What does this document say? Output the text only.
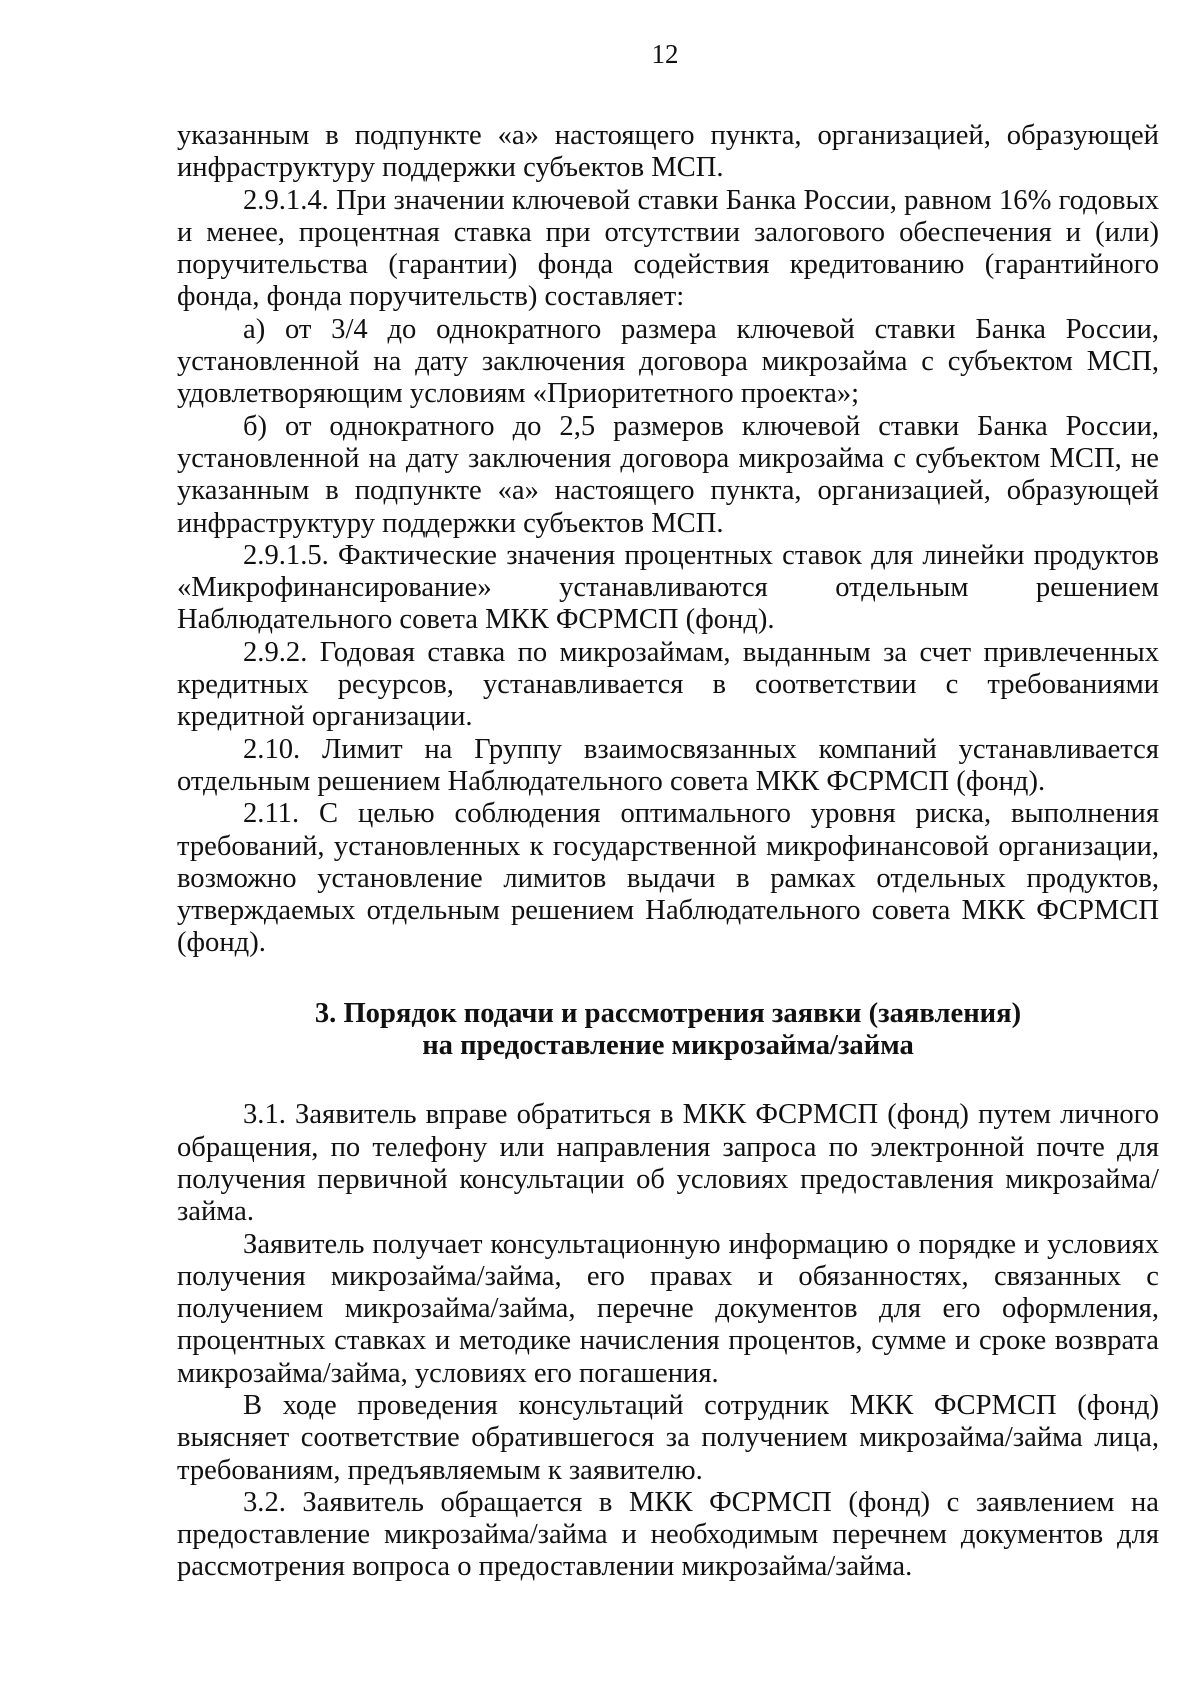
12

указанным в подпункте «а» настоящего пункта, организацией, образующей инфраструктуру поддержки субъектов МСП.

2.9.1.4. При значении ключевой ставки Банка России, равном 16% годовых и менее, процентная ставка при отсутствии залогового обеспечения и (или) поручительства (гарантии) фонда содействия кредитованию (гарантийного фонда, фонда поручительств) составляет:

а) от 3/4 до однократного размера ключевой ставки Банка России, установленной на дату заключения договора микрозайма с субъектом МСП, удовлетворяющим условиям «Приоритетного проекта»;

б) от однократного до 2,5 размеров ключевой ставки Банка России, установленной на дату заключения договора микрозайма с субъектом МСП, не указанным в подпункте «а» настоящего пункта, организацией, образующей инфраструктуру поддержки субъектов МСП.

2.9.1.5. Фактические значения процентных ставок для линейки продуктов «Микрофинансирование» устанавливаются отдельным решением Наблюдательного совета МКК ФСРМСП (фонд).

2.9.2. Годовая ставка по микрозаймам, выданным за счет привлеченных кредитных ресурсов, устанавливается в соответствии с требованиями кредитной организации.

2.10. Лимит на Группу взаимосвязанных компаний устанавливается отдельным решением Наблюдательного совета МКК ФСРМСП (фонд).

2.11. С целью соблюдения оптимального уровня риска, выполнения требований, установленных к государственной микрофинансовой организации, возможно установление лимитов выдачи в рамках отдельных продуктов, утверждаемых отдельным решением Наблюдательного совета МКК ФСРМСП (фонд).

3. Порядок подачи и рассмотрения заявки (заявления)
на предоставление микрозайма/займа

3.1. Заявитель вправе обратиться в МКК ФСРМСП (фонд) путем личного обращения, по телефону или направления запроса по электронной почте для получения первичной консультации об условиях предоставления микрозайма/займа.

Заявитель получает консультационную информацию о порядке и условиях получения микрозайма/займа, его правах и обязанностях, связанных с получением микрозайма/займа, перечне документов для его оформления, процентных ставках и методике начисления процентов, сумме и сроке возврата микрозайма/займа, условиях его погашения.

В ходе проведения консультаций сотрудник МКК ФСРМСП (фонд) выясняет соответствие обратившегося за получением микрозайма/займа лица, требованиям, предъявляемым к заявителю.

3.2. Заявитель обращается в МКК ФСРМСП (фонд) с заявлением на предоставление микрозайма/займа и необходимым перечнем документов для рассмотрения вопроса о предоставлении микрозайма/займа.
